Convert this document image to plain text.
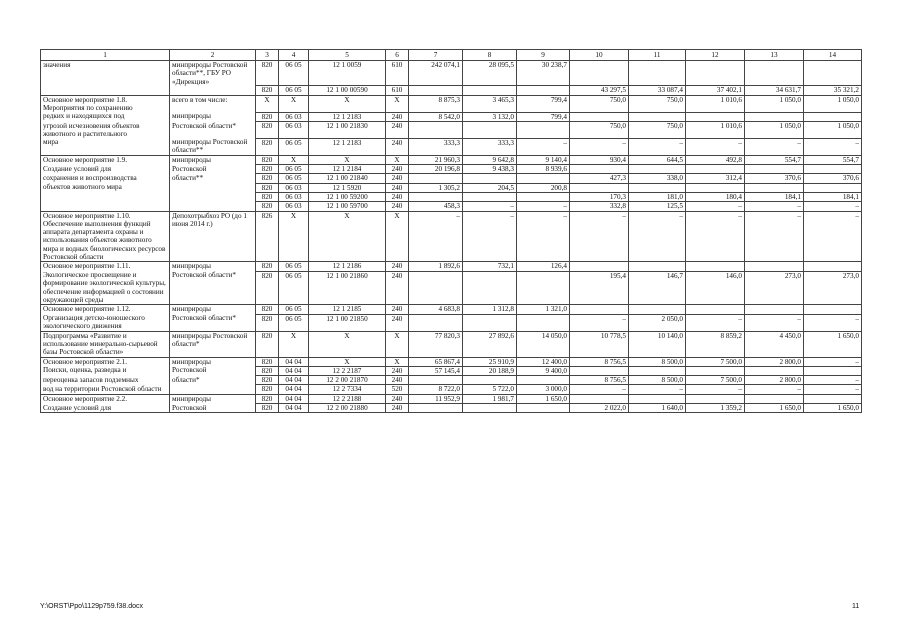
1	2	3	4	5	6	7	8	9	10	11	12	13	14
значения	минприроды Ростовской области**, ГБУ РО «Дирекция»	820	06 05	12 1 0059	610	242 074,1	28 095,5	30 238,7					
		820	06 05	12 1 00 00590	610				43 297,5	33 087,4	37 402,1	34 631,7	35 321,2
Основное мероприятие 1.8. Мероприятия по сохранению	всего в том числе:	X	X	X	X	8 875,3	3 465,3	799,4	750,0	750,0	1 010,6	1 050,0	1 050,0
редких и находящихся под	минприроды	820	06 03	12 1 2183	240	8 542,0	3 132,0	799,4					
угрозой исчезновения объектов животного и растительного	Ростовской области*	820	06 03	12 1 00 21830	240				750,0	750,0	1 010,6	1 050,0	1 050,0
мира	минприроды Ростовской области**	820	06 05	12 1 2183	240	333,3	333,3	–	–	–	–	–	–
Основное мероприятие 1.9.	минприроды	820	X	X	X	21 960,3	9 642,8	9 140,4	930,4	644,5	492,8	554,7	554,7
Создание условий для	Ростовской	820	06 05	12 1 2184	240	20 196,8	9 438,3	8 939,6					
сохранения и воспроизводства	области**	820	06 05	12 1 00 21840	240				427,3	338,0	312,4	370,6	370,6
объектов животного мира		820	06 03	12 1 5920	240	1 305,2	204,5	200,8					
		820	06 03	12 1 00 59200	240				170,3	181,0	180,4	184,1	184,1
		820	06 03	12 1 00 59700	240	458,3	–	–	332,8	125,5	–	–	–
Основное мероприятие 1.10. Обеспечение выполнения функций аппарата департамента охраны и использования объектов животного мира и водных биологических ресурсов Ростовской области	Депохотрыбхоз РО (до 1 июня 2014 г.)	826	X	X	X	–	–	–	–	–	–	–	–
Основное мероприятие 1.11.	минприроды	820	06 05	12 1 2186	240	1 892,6	732,1	126,4					
Экологическое просвещение и формирование экологической культуры, обеспечение информацией о состоянии окружающей среды	Ростовской области*	820	06 05	12 1 00 21860	240				195,4	146,7	146,0	273,0	273,0
Основное мероприятие 1.12.	минприроды	820	06 05	12 1 2185	240	4 683,8	1 312,8	1 321,0					
Организация детско-юношеского экологического движения	Ростовской области*	820	06 05	12 1 00 21850	240				–	2 050,0	–	–	–
Подпрограмма «Развитие и использование минерально-сырьевой базы Ростовской области»	минприроды Ростовской области*	820	X	X	X	77 820,3	27 892,6	14 050,0	10 778,5	10 140,0	8 859,2	4 450,0	1 650,0
Основное мероприятие 2.1.	минприроды	820	04 04	X	X	65 867,4	25 910,9	12 400,0	8 756,5	8 500,0	7 500,0	2 800,0	–
Поиски, оценка, разведка и	Ростовской	820	04 04	12 2 2187	240	57 145,4	20 188,9	9 400,0					
переоценка запасов подземных	области*	820	04 04	12 2 00 21870	240				8 756,5	8 500,0	7 500,0	2 800,0	–
вод на территории Ростовской области		820	04 04	12 2 7334	520	8 722,0	5 722,0	3 000,0	–	–	–	–	–
Основное мероприятие 2.2.	минприроды	820	04 04	12 2 2188	240	11 952,9	1 981,7	1 650,0					
Создание условий для	Ростовской	820	04 04	12 2 00 21880	240				2 022,0	1 640,0	1 359,2	1 650,0	1 650,0
Y:\ORST\Ppo\1129p759.f38.docx	11
